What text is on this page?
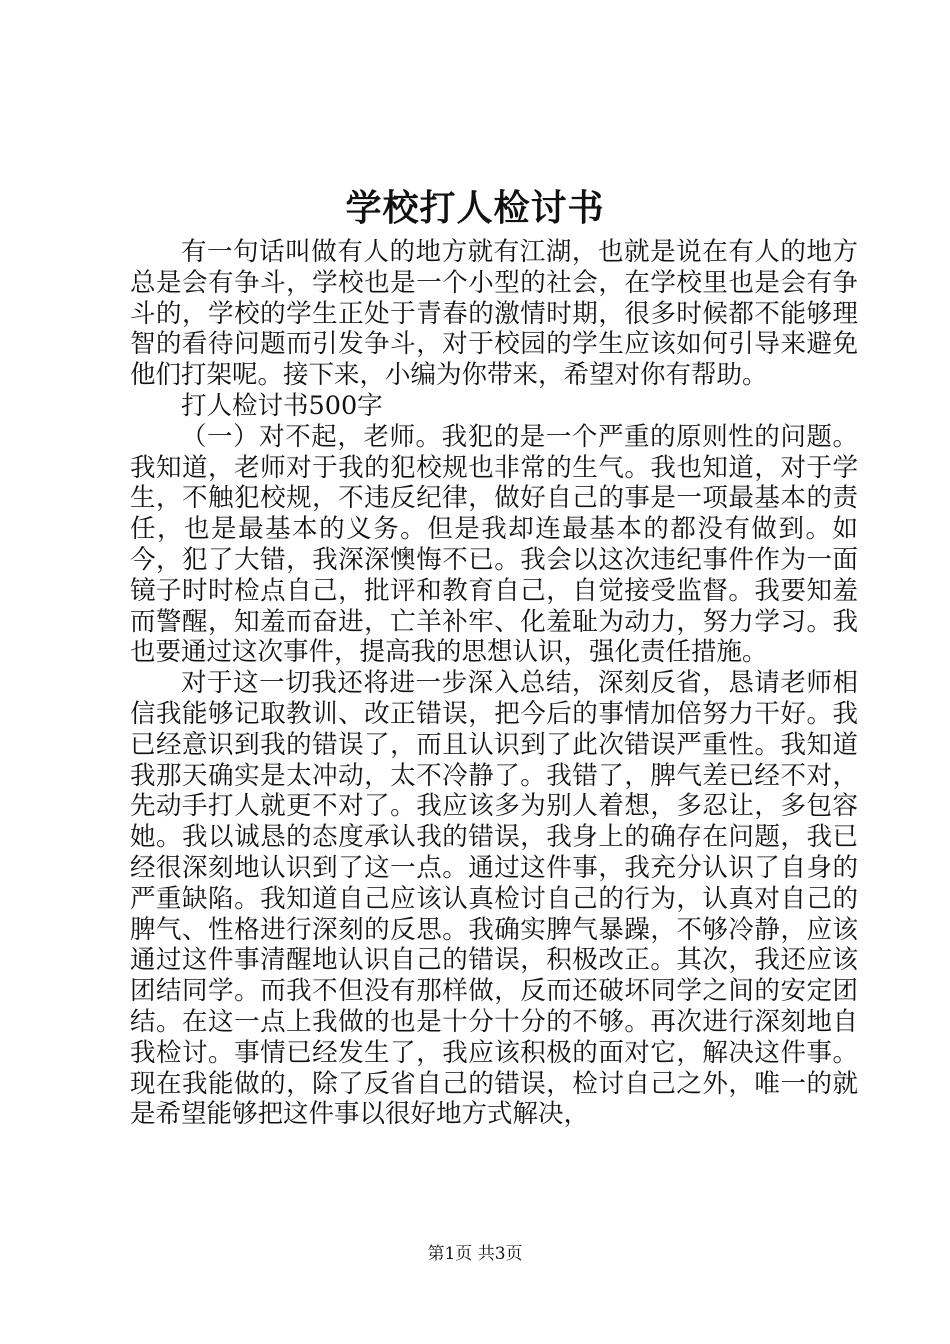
学校打人检讨书

有一句话叫做有人的地方就有江湖，也就是说在有人的地方总是会有争斗，学校也是一个小型的社会，在学校里也是会有争斗的，学校的学生正处于青春的激情时期，很多时候都不能够理智的看待问题而引发争斗，对于校园的学生应该如何引导来避免他们打架呢。接下来，小编为你带来，希望对你有帮助。

打人检讨书500字

（一）对不起，老师。我犯的是一个严重的原则性的问题。我知道，老师对于我的犯校规也非常的生气。我也知道，对于学生，不触犯校规，不违反纪律，做好自己的事是一项最基本的责任，也是最基本的义务。但是我却连最基本的都没有做到。如今，犯了大错，我深深懊悔不已。我会以这次违纪事件作为一面镜子时时检点自己，批评和教育自己，自觉接受监督。我要知羞而警醒，知羞而奋进，亡羊补牢、化羞耻为动力，努力学习。我也要通过这次事件，提高我的思想认识，强化责任措施。

对于这一切我还将进一步深入总结，深刻反省，恳请老师相信我能够记取教训、改正错误，把今后的事情加倍努力干好。我已经意识到我的错误了，而且认识到了此次错误严重性。我知道我那天确实是太冲动，太不冷静了。我错了，脾气差已经不对，先动手打人就更不对了。我应该多为别人着想，多忍让，多包容她。我以诚恳的态度承认我的错误，我身上的确存在问题，我已经很深刻地认识到了这一点。通过这件事，我充分认识了自身的严重缺陷。我知道自己应该认真检讨自己的行为，认真对自己的脾气、性格进行深刻的反思。我确实脾气暴躁，不够冷静，应该通过这件事清醒地认识自己的错误，积极改正。其次，我还应该团结同学。而我不但没有那样做，反而还破坏同学之间的安定团结。在这一点上我做的也是十分十分的不够。再次进行深刻地自我检讨。事情已经发生了，我应该积极的面对它，解决这件事。现在我能做的，除了反省自己的错误，检讨自己之外，唯一的就是希望能够把这件事以很好地方式解决，

第1页 共3页
